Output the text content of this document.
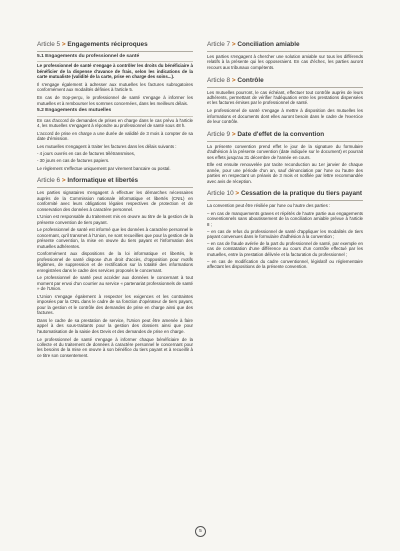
Article 5 > Engagements réciproques
5.1 Engagements du professionnel de santé

Le professionnel de santé s'engage à contrôler les droits du bénéficiaire à bénéficier de la dispense d'avance de frais, selon les indications de la carte mutualiste (validité de la carte, prise en charge des soins...).

Il s'engage également à adresser aux mutuelles les factures subrogatoires conformément aux modalités définies à l'article 5.

En cas de trop-perçu, le professionnel de santé s'engage à informer les mutuelles et à rembourser les sommes concernées, dans les meilleurs délais.

5.2 Engagements des mutuelles

En cas d'accord de demandes de prises en charge dans le cas prévu à l'article 4, les mutuelles s'engagent à répondre au professionnel de santé sous 48 h.

L'accord de prise en charge a une durée de validité de 3 mois à compter de sa date d'émission.

Les mutuelles s'engagent à traiter les factures dans les délais suivants :

- 4 jours ouvrés en cas de factures télétransmises,
- 30 jours en cas de factures papiers.

Le règlement s'effectue uniquement par virement bancaire ou postal.

Article 6 > Informatique et libertés

Les parties signataires s'engagent à effectuer les démarches nécessaires auprès de la Commission nationale informatique et libertés (CNIL) en conformité avec leurs obligations légales respectives de protection et de conservation des données à caractère personnel.

L'Union est responsable du traitement mis en œuvre au titre de la gestion de la présente convention de tiers payant.

Le professionnel de santé est informé que les données à caractère personnel le concernant, qu'il transmet à l'Union, ne sont recueillies que pour la gestion de la présente convention, la mise en œuvre du tiers payant et l'information des mutuelles adhérentes.

Conformément aux dispositions de la loi informatique et libertés, le professionnel de santé dispose d'un droit d'accès, d'opposition pour motifs légitimes, de suppression et de rectification sur la totalité des informations enregistrées dans le cadre des services proposés le concernant.

Le professionnel de santé peut accéder aux données le concernant à tout moment par envoi d'un courrier au service « partenariat professionnels de santé » de l'Union.

L'Union s'engage également à respecter les exigences et les contraintes imposées par la CNIL dans le cadre de sa fonction d'opérateur de tiers payant, pour la gestion et le contrôle des demandes de prise en charge ainsi que des factures.

Dans le cadre de sa prestation de service, l'Union peut être amenée à faire appel à des sous-traitants pour la gestion des dossiers ainsi que pour l'automatisation de la saisie des Devis et des demandes de prise en charge.

Le professionnel de santé s'engage à informer chaque bénéficiaire de la collecte et du traitement de données à caractère personnel le concernant pour les besoins de la mise en œuvre à son bénéfice du tiers payant et à recueillir à ce titre son consentement.

Article 7 > Conciliation amiable

Les parties s'engagent à chercher une solution amiable sur tous les différends relatifs à la présente qui les opposeraient. En cas d'échec, les parties auront recours aux tribunaux compétents.

Article 8 > Contrôle

Les mutuelles pourront, le cas échéant, effectuer tout contrôle auprès de leurs adhérents, permettant de vérifier l'adéquation entre les prestations dispensées et les factures émises par le professionnel de santé.

Le professionnel de santé s'engage à mettre à disposition des mutuelles les informations et documents dont elles auront besoin dans le cadre de l'exercice de leur contrôle.

Article 9 > Date d'effet de la convention

La présente convention prend effet le jour de la signature du formulaire d'adhésion à la présente convention (date indiquée sur le document) et pourrait ses effets jusqu'au 31 décembre de l'année en cours.

Elle est ensuite renouvelée par tacite reconduction au 1er janvier de chaque année, pour une période d'un an, sauf dénonciation par l'une ou l'autre des parties en respectant un préavis de 3 mois et notifiée par lettre recommandée avec avis de réception.

Article 10 > Cessation de la pratique du tiers payant

La convention peut être résiliée par l'une ou l'autre des parties :

– en cas de manquements graves et répétés de l'autre partie aux engagements conventionnels sans aboutissement de la conciliation amiable prévue à l'article 8 ;
– en cas de refus du professionnel de santé d'appliquer les modalités de tiers payant convenues dans le formulaire d'adhésion à la convention ;
– en cas de fraude avérée de la part du professionnel de santé, par exemple en cas de constatation d'une différence au cours d'un contrôle effectué par les mutuelles, entre la prestation délivrée et la facturation du professionnel ;
– en cas de modification du cadre conventionnel, législatif ou réglementaire affectant les dispositions de la présente convention.
5
